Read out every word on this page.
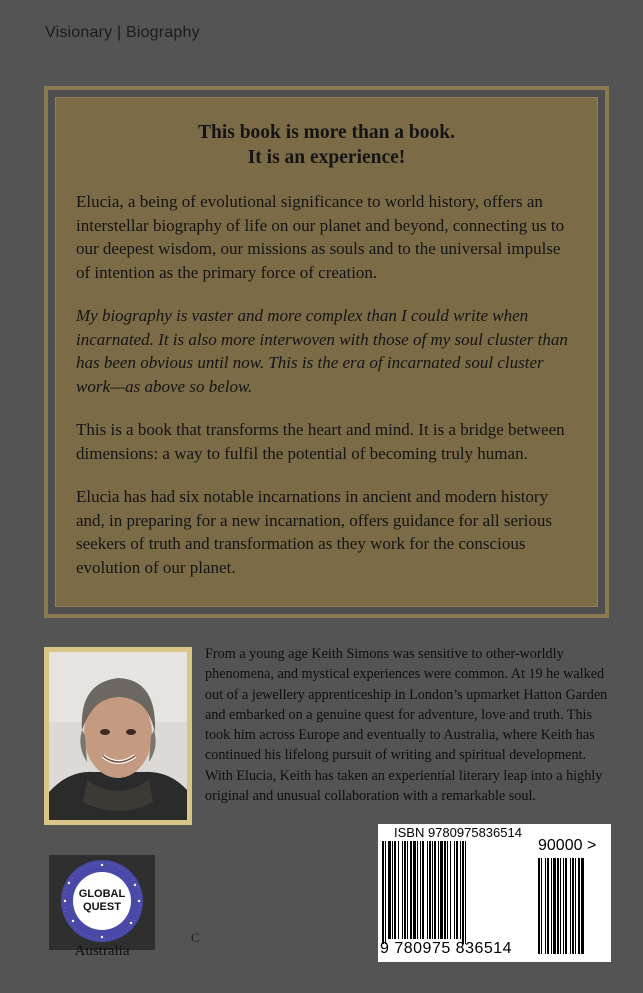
Visionary | Biography
This book is more than a book.
It is an experience!

Elucia, a being of evolutional significance to world history, offers an interstellar biography of life on our planet and beyond, connecting us to our deepest wisdom, our missions as souls and to the universal impulse of intention as the primary force of creation.

My biography is vaster and more complex than I could write when incarnated. It is also more interwoven with those of my soul cluster than has been obvious until now. This is the era of incarnated soul cluster work—as above so below.

This is a book that transforms the heart and mind. It is a bridge between dimensions: a way to fulfil the potential of becoming truly human.

Elucia has had six notable incarnations in ancient and modern history and, in preparing for a new incarnation, offers guidance for all serious seekers of truth and transformation as they work for the conscious evolution of our planet.

From a young age Keith Simons was sensitive to other-worldly phenomena, and mystical experiences were common. At 19 he walked out of a jewellery apprenticeship in London’s upmarket Hatton Garden and embarked on a genuine quest for adventure, love and truth. This took him across Europe and eventually to Australia, where Keith has continued his lifelong pursuit of writing and spiritual development. With Elucia, Keith has taken an experiential literary leap into a highly original and unusual collaboration with a remarkable soul.
GLOBAL
QUEST
Australia
C
ISBN 9780975836514
90000 >
9 780975 836514
